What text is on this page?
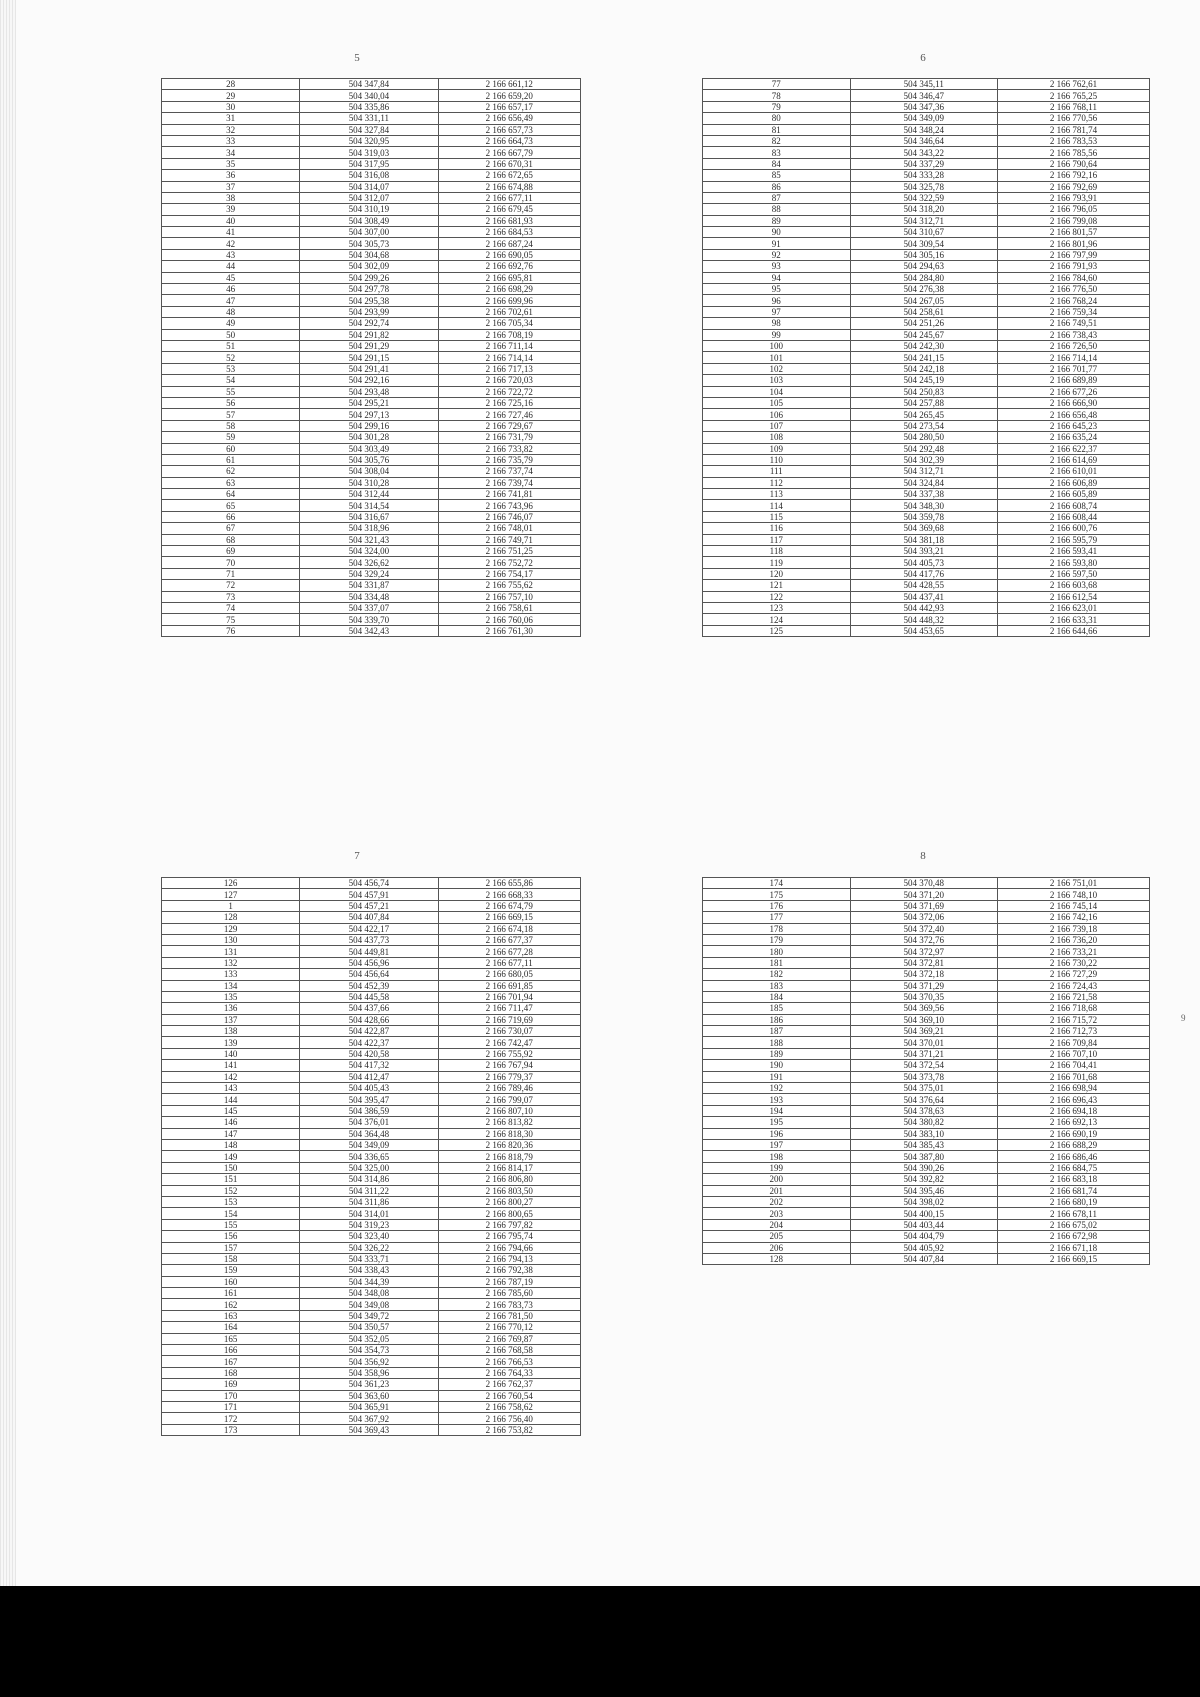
5
28	504 347,84	2 166 661,12
29	504 340,04	2 166 659,20
30	504 335,86	2 166 657,17
31	504 331,11	2 166 656,49
32	504 327,84	2 166 657,73
33	504 320,95	2 166 664,73
34	504 319,03	2 166 667,79
35	504 317,95	2 166 670,31
36	504 316,08	2 166 672,65
37	504 314,07	2 166 674,88
38	504 312,07	2 166 677,11
39	504 310,19	2 166 679,45
40	504 308,49	2 166 681,93
41	504 307,00	2 166 684,53
42	504 305,73	2 166 687,24
43	504 304,68	2 166 690,05
44	504 302,09	2 166 692,76
45	504 299,26	2 166 695,81
46	504 297,78	2 166 698,29
47	504 295,38	2 166 699,96
48	504 293,99	2 166 702,61
49	504 292,74	2 166 705,34
50	504 291,82	2 166 708,19
51	504 291,29	2 166 711,14
52	504 291,15	2 166 714,14
53	504 291,41	2 166 717,13
54	504 292,16	2 166 720,03
55	504 293,48	2 166 722,72
56	504 295,21	2 166 725,16
57	504 297,13	2 166 727,46
58	504 299,16	2 166 729,67
59	504 301,28	2 166 731,79
60	504 303,49	2 166 733,82
61	504 305,76	2 166 735,79
62	504 308,04	2 166 737,74
63	504 310,28	2 166 739,74
64	504 312,44	2 166 741,81
65	504 314,54	2 166 743,96
66	504 316,67	2 166 746,07
67	504 318,96	2 166 748,01
68	504 321,43	2 166 749,71
69	504 324,00	2 166 751,25
70	504 326,62	2 166 752,72
71	504 329,24	2 166 754,17
72	504 331,87	2 166 755,62
73	504 334,48	2 166 757,10
74	504 337,07	2 166 758,61
75	504 339,70	2 166 760,06
76	504 342,43	2 166 761,30
6
77	504 345,11	2 166 762,61
78	504 346,47	2 166 765,25
79	504 347,36	2 166 768,11
80	504 349,09	2 166 770,56
81	504 348,24	2 166 781,74
82	504 346,64	2 166 783,53
83	504 343,22	2 166 785,56
84	504 337,29	2 166 790,64
85	504 333,28	2 166 792,16
86	504 325,78	2 166 792,69
87	504 322,59	2 166 793,91
88	504 318,20	2 166 796,05
89	504 312,71	2 166 799,08
90	504 310,67	2 166 801,57
91	504 309,54	2 166 801,96
92	504 305,16	2 166 797,99
93	504 294,63	2 166 791,93
94	504 284,80	2 166 784,60
95	504 276,38	2 166 776,50
96	504 267,05	2 166 768,24
97	504 258,61	2 166 759,34
98	504 251,26	2 166 749,51
99	504 245,67	2 166 738,43
100	504 242,30	2 166 726,50
101	504 241,15	2 166 714,14
102	504 242,18	2 166 701,77
103	504 245,19	2 166 689,89
104	504 250,83	2 166 677,26
105	504 257,88	2 166 666,90
106	504 265,45	2 166 656,48
107	504 273,54	2 166 645,23
108	504 280,50	2 166 635,24
109	504 292,48	2 166 622,37
110	504 302,39	2 166 614,69
111	504 312,71	2 166 610,01
112	504 324,84	2 166 606,89
113	504 337,38	2 166 605,89
114	504 348,30	2 166 608,74
115	504 359,78	2 166 608,44
116	504 369,68	2 166 600,76
117	504 381,18	2 166 595,79
118	504 393,21	2 166 593,41
119	504 405,73	2 166 593,80
120	504 417,76	2 166 597,50
121	504 428,55	2 166 603,68
122	504 437,41	2 166 612,54
123	504 442,93	2 166 623,01
124	504 448,32	2 166 633,31
125	504 453,65	2 166 644,66
7
126	504 456,74	2 166 655,86
127	504 457,91	2 166 668,33
1	504 457,21	2 166 674,79
128	504 407,84	2 166 669,15
129	504 422,17	2 166 674,18
130	504 437,73	2 166 677,37
131	504 449,81	2 166 677,28
132	504 456,96	2 166 677,11
133	504 456,64	2 166 680,05
134	504 452,39	2 166 691,85
135	504 445,58	2 166 701,94
136	504 437,66	2 166 711,47
137	504 428,66	2 166 719,69
138	504 422,87	2 166 730,07
139	504 422,37	2 166 742,47
140	504 420,58	2 166 755,92
141	504 417,32	2 166 767,94
142	504 412,47	2 166 779,37
143	504 405,43	2 166 789,46
144	504 395,47	2 166 799,07
145	504 386,59	2 166 807,10
146	504 376,01	2 166 813,82
147	504 364,48	2 166 818,30
148	504 349,09	2 166 820,36
149	504 336,65	2 166 818,79
150	504 325,00	2 166 814,17
151	504 314,86	2 166 806,80
152	504 311,22	2 166 803,50
153	504 311,86	2 166 800,27
154	504 314,01	2 166 800,65
155	504 319,23	2 166 797,82
156	504 323,40	2 166 795,74
157	504 326,22	2 166 794,66
158	504 333,71	2 166 794,13
159	504 338,43	2 166 792,38
160	504 344,39	2 166 787,19
161	504 348,08	2 166 785,60
162	504 349,08	2 166 783,73
163	504 349,72	2 166 781,50
164	504 350,57	2 166 770,12
165	504 352,05	2 166 769,87
166	504 354,73	2 166 768,58
167	504 356,92	2 166 766,53
168	504 358,96	2 166 764,33
169	504 361,23	2 166 762,37
170	504 363,60	2 166 760,54
171	504 365,91	2 166 758,62
172	504 367,92	2 166 756,40
173	504 369,43	2 166 753,82
8
174	504 370,48	2 166 751,01
175	504 371,20	2 166 748,10
176	504 371,69	2 166 745,14
177	504 372,06	2 166 742,16
178	504 372,40	2 166 739,18
179	504 372,76	2 166 736,20
180	504 372,97	2 166 733,21
181	504 372,81	2 166 730,22
182	504 372,18	2 166 727,29
183	504 371,29	2 166 724,43
184	504 370,35	2 166 721,58
185	504 369,56	2 166 718,68
186	504 369,10	2 166 715,72
187	504 369,21	2 166 712,73
188	504 370,01	2 166 709,84
189	504 371,21	2 166 707,10
190	504 372,54	2 166 704,41
191	504 373,78	2 166 701,68
192	504 375,01	2 166 698,94
193	504 376,64	2 166 696,43
194	504 378,63	2 166 694,18
195	504 380,82	2 166 692,13
196	504 383,10	2 166 690,19
197	504 385,43	2 166 688,29
198	504 387,80	2 166 686,46
199	504 390,26	2 166 684,75
200	504 392,82	2 166 683,18
201	504 395,46	2 166 681,74
202	504 398,02	2 166 680,19
203	504 400,15	2 166 678,11
204	504 403,44	2 166 675,02
205	504 404,79	2 166 672,98
206	504 405,92	2 166 671,18
128	504 407,84	2 166 669,15
9
